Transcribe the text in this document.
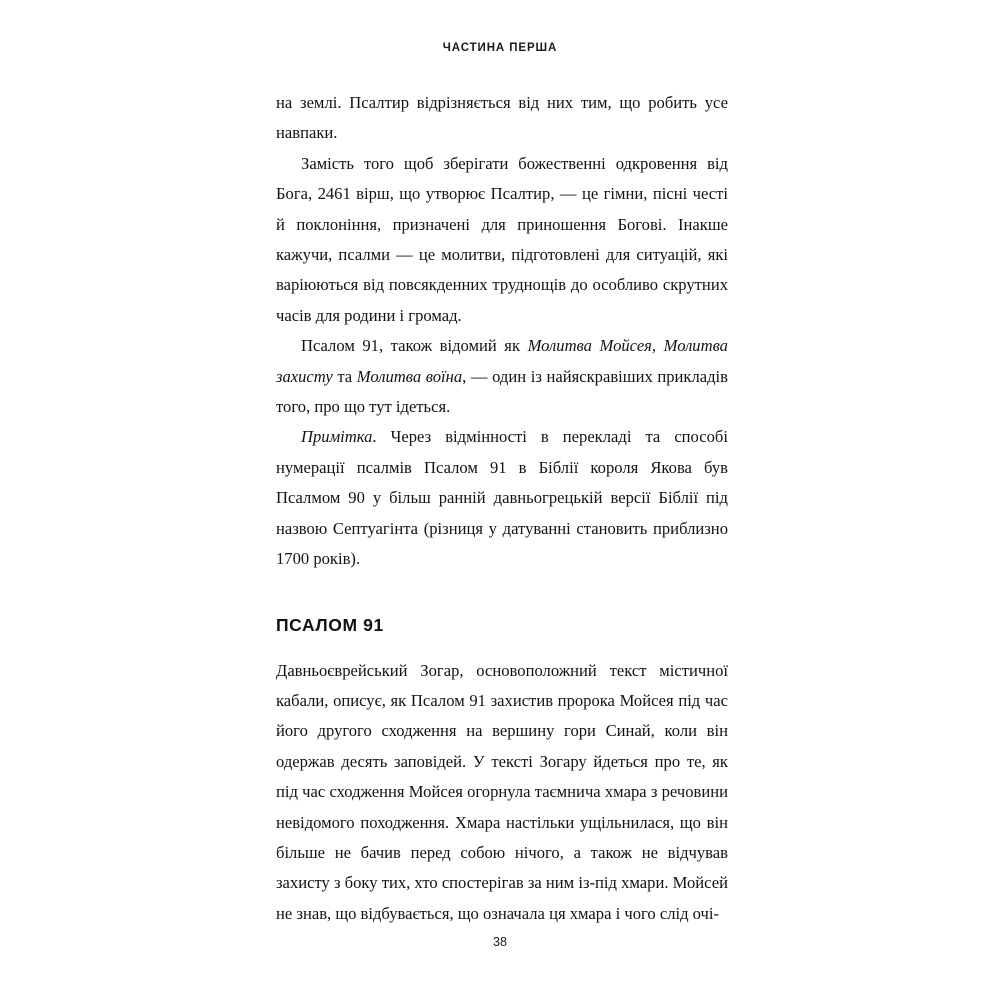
ЧАСТИНА ПЕРША

на землі. Псалтир відрізняється від них тим, що робить усе навпаки.

Замість того щоб зберігати божественні одкровення від Бога, 2461 вірш, що утворює Псалтир, — це гімни, пісні честі й поклоніння, призначені для приношення Богові. Інакше кажучи, псалми — це молитви, підготовлені для ситуацій, які варіюються від повсякденних труднощів до особливо скрутних часів для родини і громад.

Псалом 91, також відомий як Молитва Мойсея, Молитва захисту та Молитва воїна, — один із найяскравіших прикладів того, про що тут ідеться.

Примітка. Через відмінності в перекладі та способі нумерації псалмів Псалом 91 в Біблії короля Якова був Псалмом 90 у більш ранній давньогрецькій версії Біблії під назвою Септуагінта (різниця у датуванні становить приблизно 1700 років).

ПСАЛОМ 91

Давньоєврейський Зогар, основоположний текст містичної кабали, описує, як Псалом 91 захистив пророка Мойсея під час його другого сходження на вершину гори Синай, коли він одержав десять заповідей. У тексті Зогару йдеться про те, як під час сходження Мойсея огорнула таємнича хмара з речовини невідомого походження. Хмара настільки ущільнилася, що він більше не бачив перед собою нічого, а також не відчував захисту з боку тих, хто спостерігав за ним із-під хмари. Мойсей не знав, що відбувається, що означала ця хмара і чого слід очі-

38
